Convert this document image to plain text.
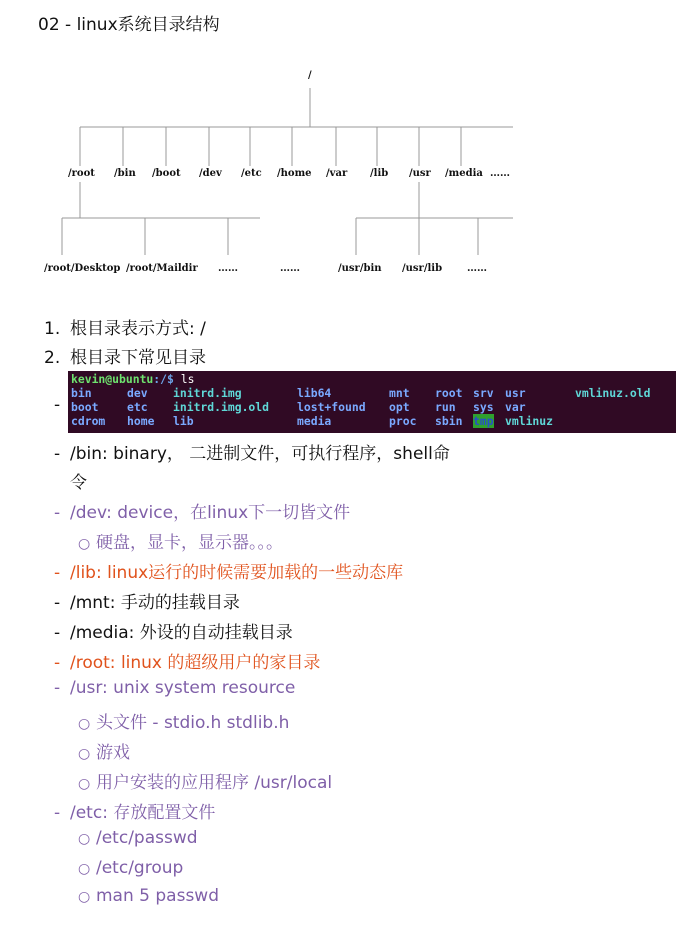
02 - linux系统目录结构
/
/root /bin /boot /dev /etc /home /var /lib /usr /media ……
/root/Desktop /root/Maildir ……	……	/usr/bin /usr/lib ……
1. 根目录表示方式: /
2. 根目录下常见目录
-
kevin@ubuntu:/$ ls
bin	dev initrd.img	lib64	mnt root srv usr	vmlinuz.old
boot	etc initrd.img.old lost+found opt run sys var
cdrom home lib	media	proc sbin tmp vmlinuz
- /bin: binary， 二进制文件，可执行程序，shell命
令
- /dev: device，在linux下一切皆文件
○ 硬盘，显卡，显示器。。。
- /lib: linux运行的时候需要加载的一些动态库
- /mnt: 手动的挂载目录
- /media: 外设的自动挂载目录
- /root: linux 的超级用户的家目录
- /usr: unix system resource
○ 头文件 - stdio.h stdlib.h
○ 游戏
○ 用户安装的应用程序 /usr/local
- /etc: 存放配置文件
○ /etc/passwd
○ /etc/group
○ man 5 passwd
